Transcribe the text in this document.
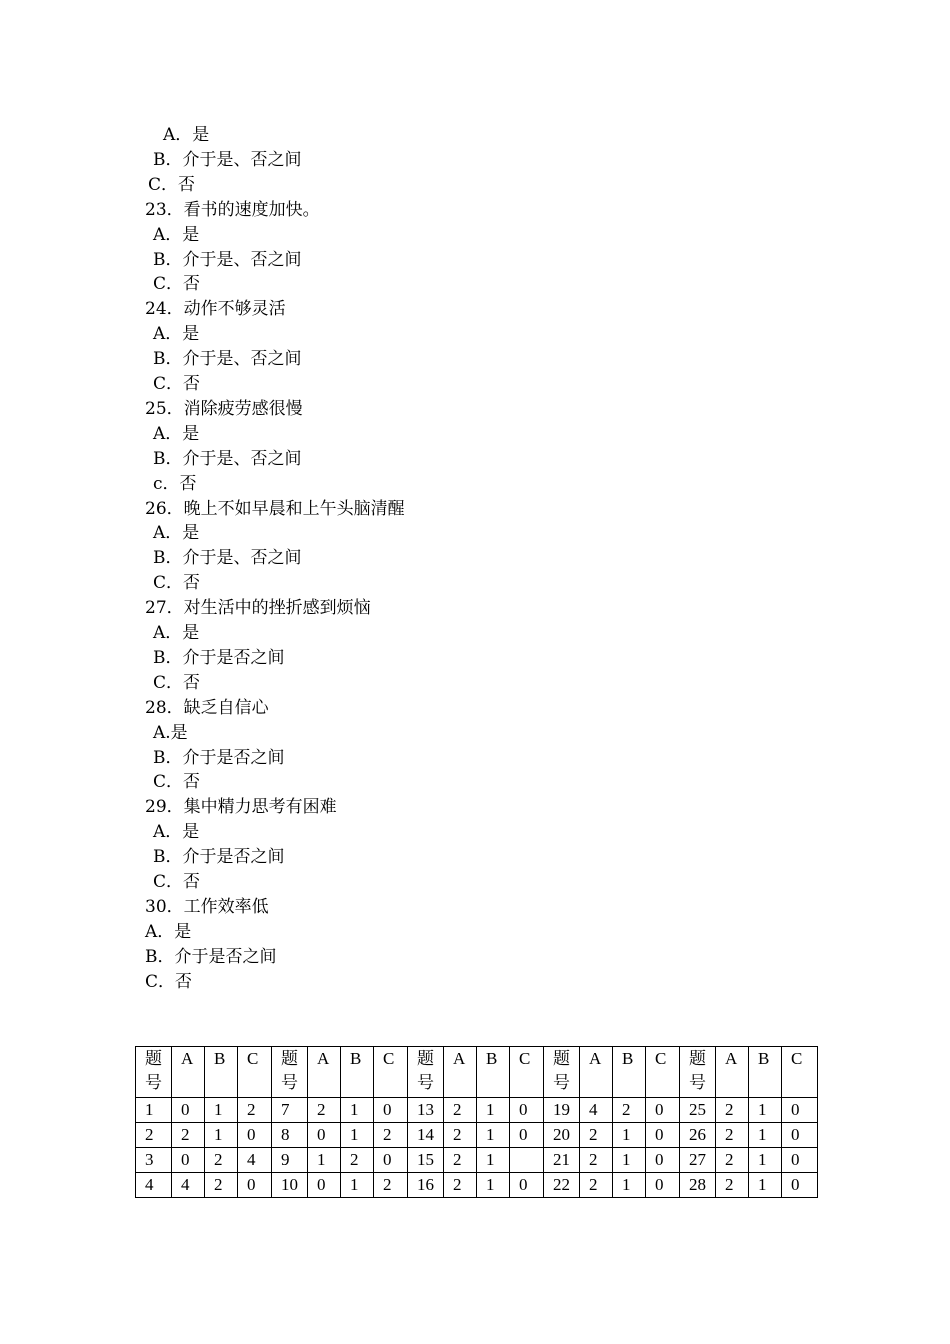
A．是
B．介于是、否之间
C．否
23．看书的速度加快。
A．是
B．介于是、否之间
C．否
24．动作不够灵活
A．是
B．介于是、否之间
C．否
25．消除疲劳感很慢
A．是
B．介于是、否之间
c．否
26．晚上不如早晨和上午头脑清醒
A．是
B．介于是、否之间
C．否
27．对生活中的挫折感到烦恼
A．是
B．介于是否之间
C．否
28．缺乏自信心
A.是
B．介于是否之间
C．否
29．集中精力思考有困难
A．是
B．介于是否之间
C．否
30．工作效率低
A．是
B．介于是否之间
C．否
题号	A	B	C	题号	A	B	C	题号	A	B	C	题号	A	B	C	题号	A	B	C
1	0	1	2	7	2	1	0	13	2	1	0	19	4	2	0	25	2	1	0
2	2	1	0	8	0	1	2	14	2	1	0	20	2	1	0	26	2	1	0
3	0	2	4	9	1	2	0	15	2	1		21	2	1	0	27	2	1	0
4	4	2	0	10	0	1	2	16	2	1	0	22	2	1	0	28	2	1	0
